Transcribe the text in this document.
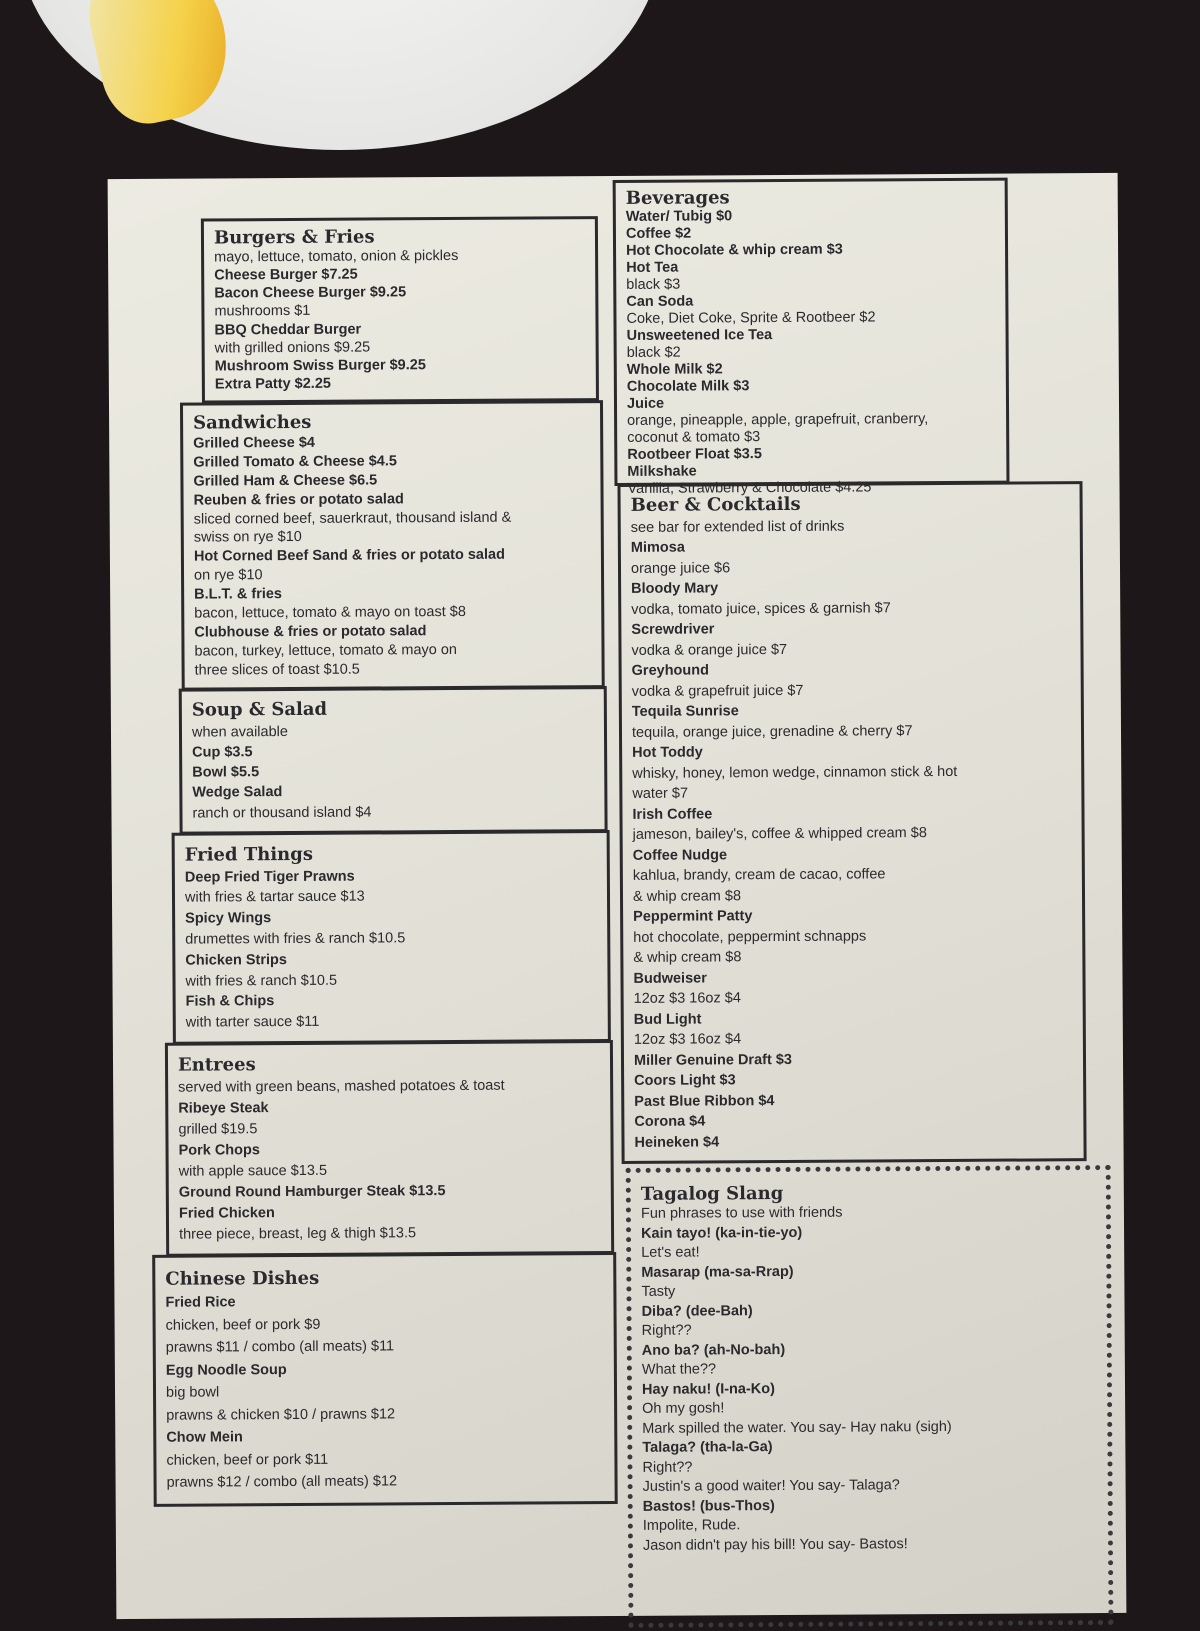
Burgers & Fries
mayo, lettuce, tomato, onion & pickles
Cheese Burger $7.25
Bacon Cheese Burger $9.25
mushrooms $1
BBQ Cheddar Burger
with grilled onions $9.25
Mushroom Swiss Burger $9.25
Extra Patty $2.25
Sandwiches
Grilled Cheese $4
Grilled Tomato & Cheese $4.5
Grilled Ham & Cheese $6.5
Reuben & fries or potato salad
sliced corned beef, sauerkraut, thousand island &
swiss on rye $10
Hot Corned Beef Sand & fries or potato salad
on rye $10
B.L.T. & fries
bacon, lettuce, tomato & mayo on toast $8
Clubhouse & fries or potato salad
bacon, turkey, lettuce, tomato & mayo on
three slices of toast $10.5
Soup & Salad
when available
Cup $3.5
Bowl $5.5
Wedge Salad
ranch or thousand island $4
Fried Things
Deep Fried Tiger Prawns
with fries & tartar sauce $13
Spicy Wings
drumettes with fries & ranch $10.5
Chicken Strips
with fries & ranch $10.5
Fish & Chips
with tarter sauce $11
Entrees
served with green beans, mashed potatoes & toast
Ribeye Steak
grilled $19.5
Pork Chops
with apple sauce $13.5
Ground Round Hamburger Steak $13.5
Fried Chicken
three piece, breast, leg & thigh $13.5
Chinese Dishes
Fried Rice
chicken, beef or pork $9
prawns $11 / combo (all meats) $11
Egg Noodle Soup
big bowl
prawns & chicken $10 / prawns $12
Chow Mein
chicken, beef or pork $11
prawns $12 / combo (all meats) $12
Beverages
Water/ Tubig $0
Coffee $2
Hot Chocolate & whip cream $3
Hot Tea
black $3
Can Soda
Coke, Diet Coke, Sprite & Rootbeer $2
Unsweetened Ice Tea
black $2
Whole Milk $2
Chocolate Milk $3
Juice
orange, pineapple, apple, grapefruit, cranberry,
coconut & tomato $3
Rootbeer Float $3.5
Milkshake
Vanilla, Strawberry & Chocolate $4.25
Beer & Cocktails
see bar for extended list of drinks
Mimosa
orange juice $6
Bloody Mary
vodka, tomato juice, spices & garnish $7
Screwdriver
vodka & orange juice $7
Greyhound
vodka & grapefruit juice $7
Tequila Sunrise
tequila, orange juice, grenadine & cherry $7
Hot Toddy
whisky, honey, lemon wedge, cinnamon stick & hot
water $7
Irish Coffee
jameson, bailey's, coffee & whipped cream $8
Coffee Nudge
kahlua, brandy, cream de cacao, coffee
& whip cream $8
Peppermint Patty
hot chocolate, peppermint schnapps
& whip cream $8
Budweiser
12oz $3 16oz $4
Bud Light
12oz $3 16oz $4
Miller Genuine Draft $3
Coors Light $3
Past Blue Ribbon $4
Corona $4
Heineken $4
Tagalog Slang
Fun phrases to use with friends
Kain tayo! (ka-in-tie-yo)
Let's eat!
Masarap (ma-sa-Rrap)
Tasty
Diba? (dee-Bah)
Right??
Ano ba? (ah-No-bah)
What the??
Hay naku! (I-na-Ko)
Oh my gosh!
Mark spilled the water. You say- Hay naku (sigh)
Talaga? (tha-la-Ga)
Right??
Justin's a good waiter! You say- Talaga?
Bastos! (bus-Thos)
Impolite, Rude.
Jason didn't pay his bill! You say- Bastos!
